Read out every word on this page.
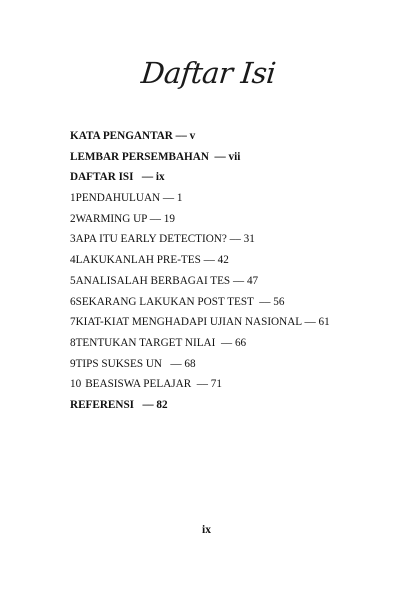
Daftar Isi
KATA PENGANTAR –– v
LEMBAR PERSEMBAHAN  –– vii
DAFTAR ISI   –– ix
1PENDAHULUAN –– 1
2WARMING UP –– 19
3APA ITU EARLY DETECTION? –– 31
4LAKUKANLAH PRE-TES –– 42
5ANALISALAH BERBAGAI TES –– 47
6SEKARANG LAKUKAN POST TEST  –– 56
7KIAT-KIAT MENGHADAPI UJIAN NASIONAL –– 61
8TENTUKAN TARGET NILAI  –– 66
9TIPS SUKSES UN   –– 68
10 BEASISWA PELAJAR  –– 71
REFERENSI   –– 82
ix
